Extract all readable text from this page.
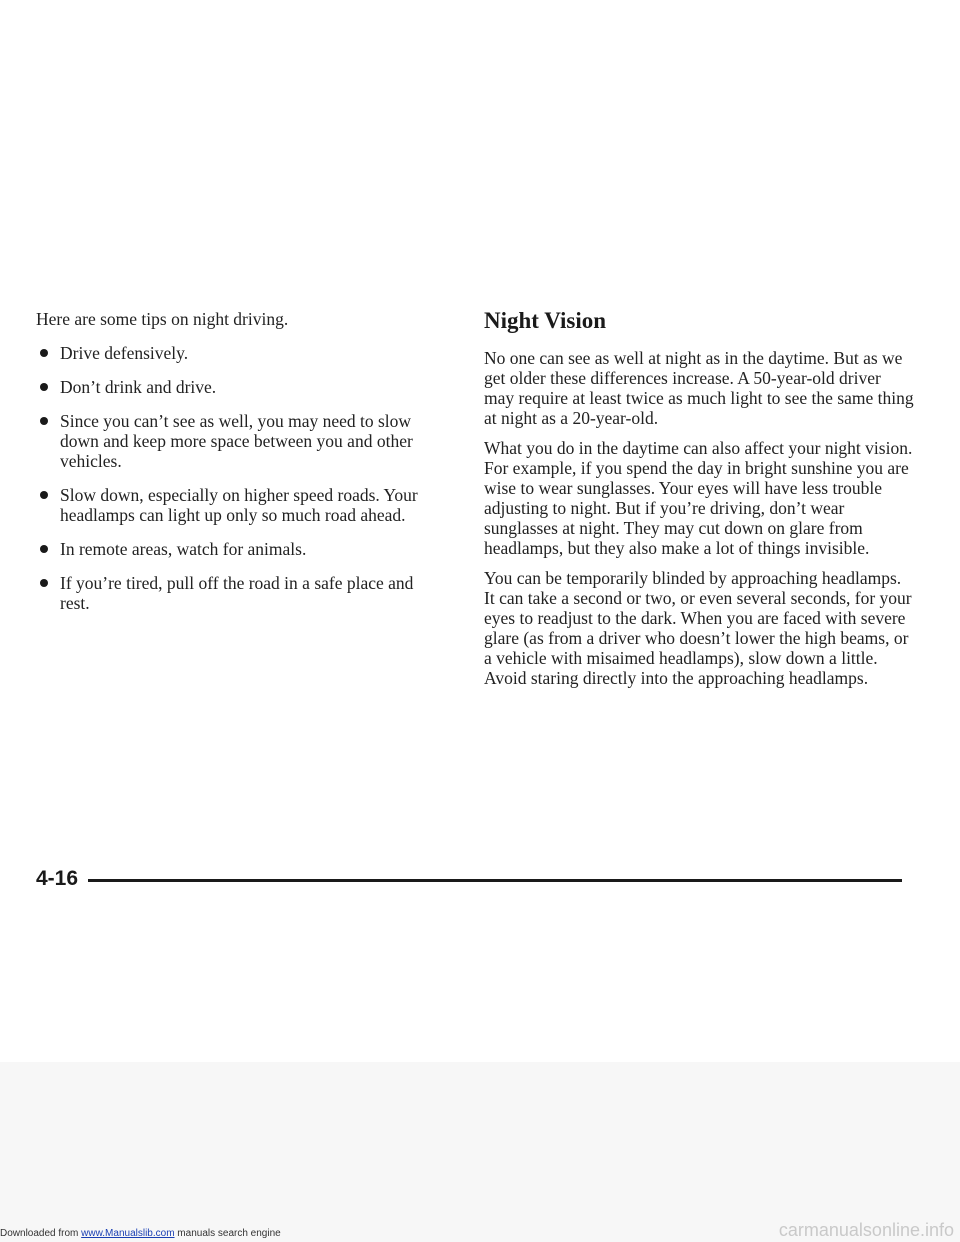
Here are some tips on night driving.

Drive defensively.
Don’t drink and drive.
Since you can’t see as well, you may need to slow down and keep more space between you and other vehicles.
Slow down, especially on higher speed roads. Your headlamps can light up only so much road ahead.
In remote areas, watch for animals.
If you’re tired, pull off the road in a safe place and rest.
Night Vision

No one can see as well at night as in the daytime. But as we get older these differences increase. A 50-year-old driver may require at least twice as much light to see the same thing at night as a 20-year-old.

What you do in the daytime can also affect your night vision. For example, if you spend the day in bright sunshine you are wise to wear sunglasses. Your eyes will have less trouble adjusting to night. But if you’re driving, don’t wear sunglasses at night. They may cut down on glare from headlamps, but they also make a lot of things invisible.

You can be temporarily blinded by approaching headlamps. It can take a second or two, or even several seconds, for your eyes to readjust to the dark. When you are faced with severe glare (as from a driver who doesn’t lower the high beams, or a vehicle with misaimed headlamps), slow down a little. Avoid staring directly into the approaching headlamps.

4-16
Downloaded from www.Manualslib.com manuals search engine	carmanualsonline.info
